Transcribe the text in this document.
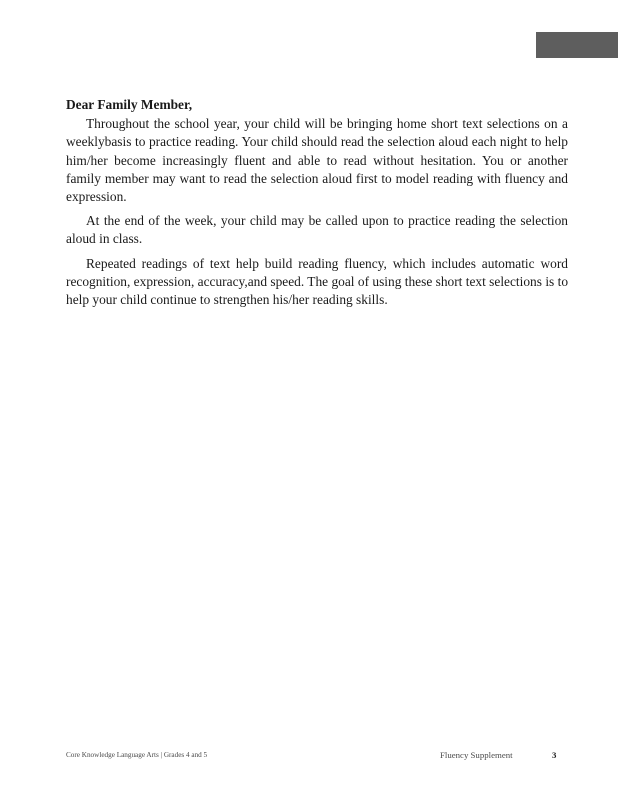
Dear Family Member,

Throughout the school year, your child will be bringing home short text selections on a weeklybasis to practice reading. Your child should read the selection aloud each night to help him/her become increasingly fluent and able to read without hesitation. You or another family member may want to read the selection aloud first to model reading with fluency and expression.

At the end of the week, your child may be called upon to practice reading the selection aloud in class.

Repeated readings of text help build reading fluency, which includes automatic word recognition, expression, accuracy,and speed. The goal of using these short text selections is to help your child continue to strengthen his/her reading skills.

Core Knowledge Language Arts | Grades 4 and 5	Fluency Supplement	3
